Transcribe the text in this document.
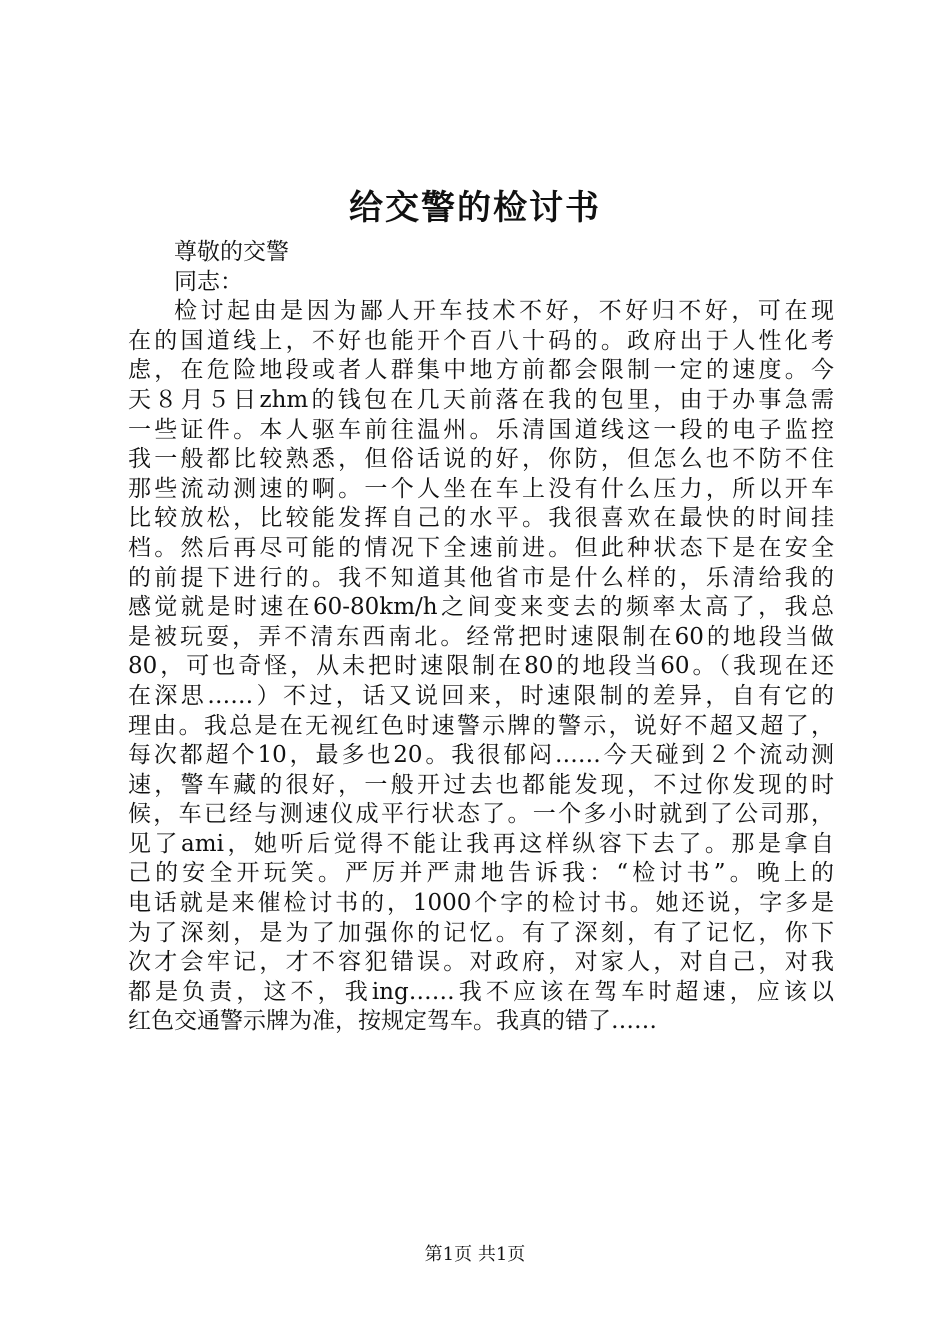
给交警的检讨书
尊敬的交警
同志：
检讨起由是因为鄙人开车技术不好，不好归不好，可在现
在的国道线上，不好也能开个百八十码的。政府出于人性化考
虑，在危险地段或者人群集中地方前都会限制一定的速度。今
天８月５日zhm的钱包在几天前落在我的包里，由于办事急需
一些证件。本人驱车前往温州。乐清国道线这一段的电子监控
我一般都比较熟悉，但俗话说的好，你防，但怎么也不防不住
那些流动测速的啊。一个人坐在车上没有什么压力，所以开车
比较放松，比较能发挥自己的水平。我很喜欢在最快的时间挂
档。然后再尽可能的情况下全速前进。但此种状态下是在安全
的前提下进行的。我不知道其他省市是什么样的，乐清给我的
感觉就是时速在60-80km/h之间变来变去的频率太高了，我总
是被玩耍，弄不清东西南北。经常把时速限制在60的地段当做
80，可也奇怪，从未把时速限制在80的地段当60。（我现在还
在深思……）不过，话又说回来，时速限制的差异，自有它的
理由。我总是在无视红色时速警示牌的警示，说好不超又超了，
每次都超个10，最多也20。我很郁闷……今天碰到２个流动测
速，警车藏的很好，一般开过去也都能发现，不过你发现的时
候，车已经与测速仪成平行状态了。一个多小时就到了公司那，
见了ami，她听后觉得不能让我再这样纵容下去了。那是拿自
己的安全开玩笑。严厉并严肃地告诉我：“检讨书”。晚上的
电话就是来催检讨书的，1000个字的检讨书。她还说，字多是
为了深刻，是为了加强你的记忆。有了深刻，有了记忆，你下
次才会牢记，才不容犯错误。对政府，对家人，对自己，对我
都是负责，这不，我ing……我不应该在驾车时超速，应该以
红色交通警示牌为准，按规定驾车。我真的错了……
第1页 共1页
